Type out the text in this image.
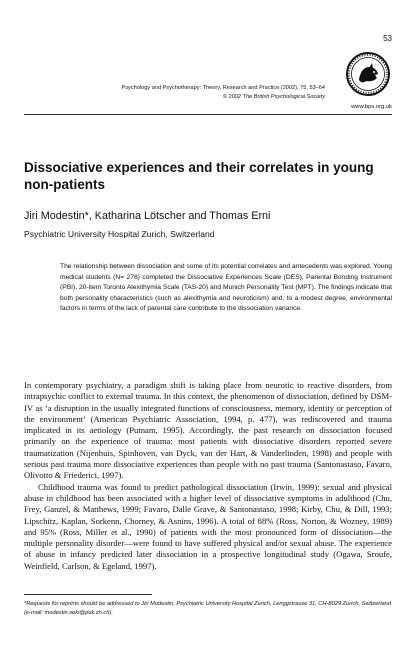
53
Psychology and Psychotherapy: Theory, Research and Practice (2002), 75, 53–64
© 2002 The British Psychological Society
www.bps.org.uk
Dissociative experiences and their correlates in young non-patients
Jiri Modestin*, Katharina Lötscher and Thomas Erni
Psychiatric University Hospital Zurich, Switzerland
The relationship between dissociation and some of its potential correlates and antecedents was explored. Young medical students (N= 276) completed the Dissociative Experiences Scale (DES), Parental Bonding Instrument (PBI), 20-item Toronto Alexithymia Scale (TAS-20) and Munich Personality Test (MPT). The findings indicate that both personality characteristics (such as alexithymia and neuroticism) and, to a modest degree, environmental factors in terms of the lack of parental care contribute to the dissociation variance.

In contemporary psychiatry, a paradigm shift is taking place from neurotic to reactive disorders, from intrapsychic conflict to external trauma. In this context, the phenomenon of dissociation, defined by DSM-IV as ‘a disruption in the usually integrated functions of consciousness, memory, identity or perception of the environment’ (American Psychiatric Association, 1994, p. 477), was rediscovered and trauma implicated in its aetiology (Putnam, 1995). Accordingly, the past research on dissociation focused primarily on the experience of trauma: most patients with dissociative disorders reported severe traumatization (Nijenhuis, Spinhoven, van Dyck, van der Hart, & Vanderlinden, 1998) and people with serious past trauma more dissociative experiences than people with no past trauma (Santonastaso, Favaro, Olivotto & Friederici, 1997).

Childhood trauma was found to predict pathological dissociation (Irwin, 1999): sexual and physical abuse in childhood has been associated with a higher level of dissociative symptoms in adulthood (Chu, Frey, Ganzel, & Matthews, 1999; Favaro, Dalle Grave, & Santonastaso, 1998; Kirby, Chu, & Dill, 1993; Lipschitz, Kaplan, Sorkenn, Chorney, & Asnins, 1996). A total of 88% (Ross, Norton, & Wozney, 1989) and 95% (Ross, Miller et al., 1990) of patients with the most pronounced form of dissociation—the multiple personality disorder—were found to have suffered physical and/or sexual abuse. The experience of abuse in infancy predicted later dissociation in a prospective longitudinal study (Ogawa, Sroufe, Weinfield, Carlson, & Egeland, 1997).

*Requests for reprints should be addressed to Jiri Modestin, Psychiatric University Hospital Zurich, Lenggstrasse 31, CH-8029 Zurich, Switzerland (e-mail: modestin.seki@puk.zh.ch).
